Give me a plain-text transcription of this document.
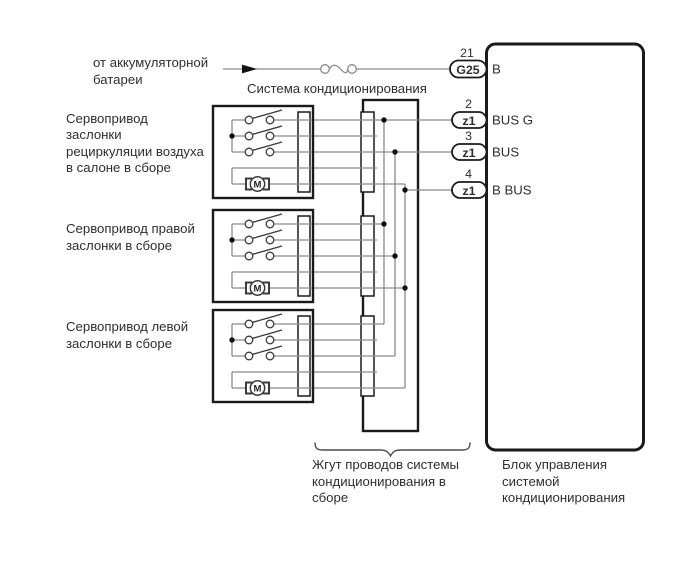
M
M
M
21
G25 B
2
z1 BUS G
3
z1 BUS
4
z1 B BUS
от аккумуляторной
батареи
Система кондиционирования
Сервопривод
заслонки
рециркуляции воздуха
в салоне в сборе
Сервопривод правой
заслонки в сборе
Сервопривод левой
заслонки в сборе
Жгут проводов системы
кондиционирования в
сборе
Блок управления
системой
кондиционирования
